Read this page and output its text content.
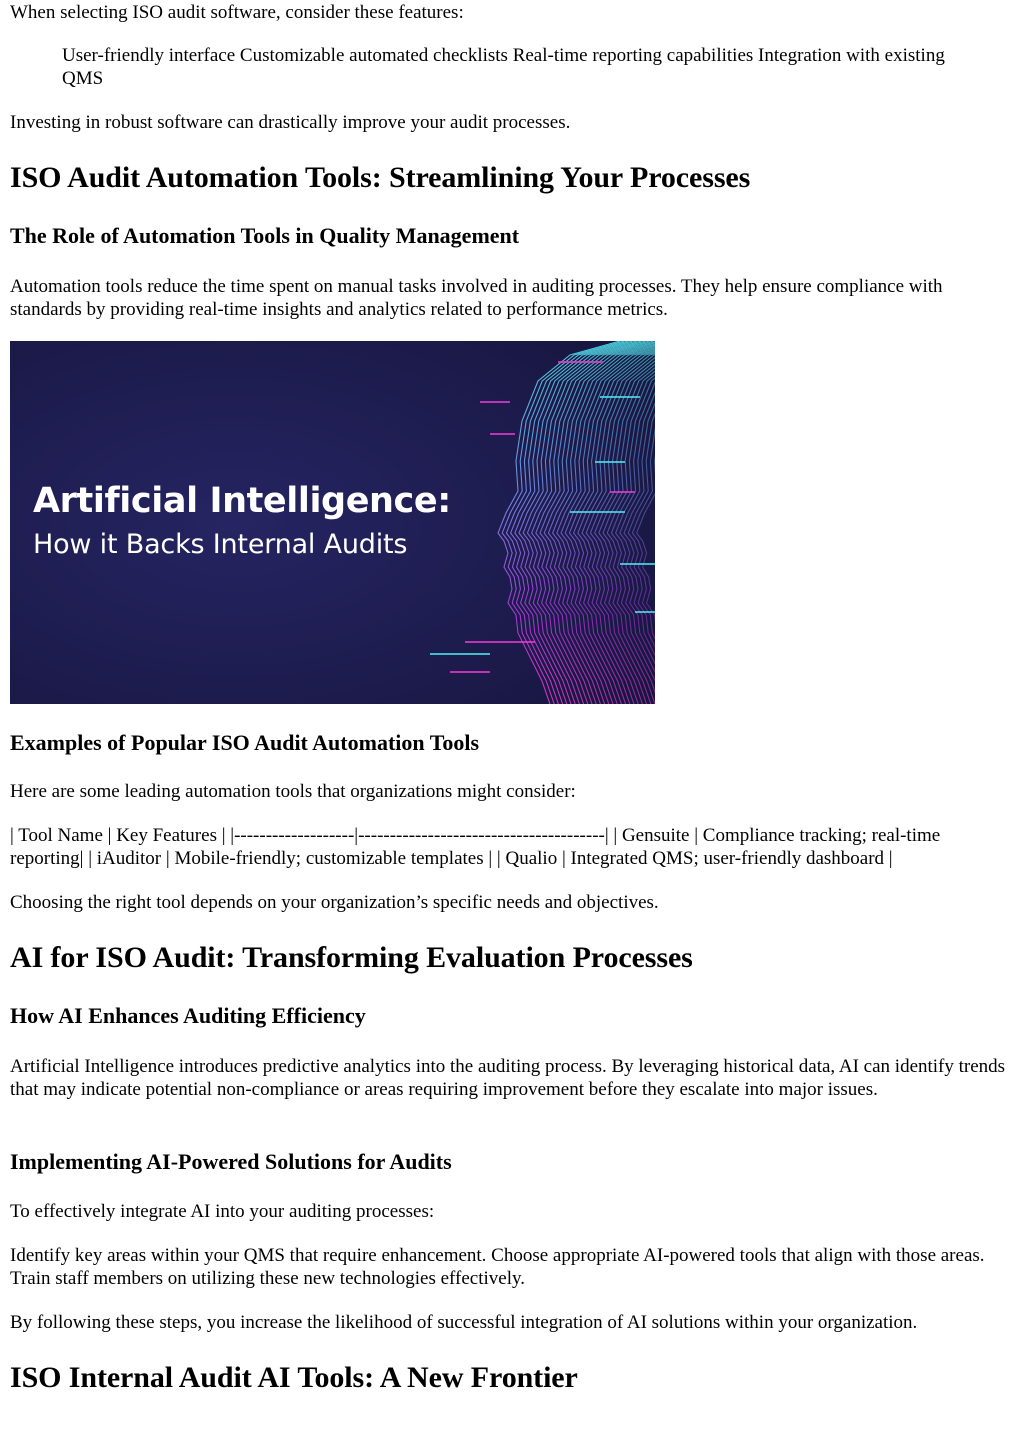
When selecting ISO audit software, consider these features:

User-friendly interface Customizable automated checklists Real-time reporting capabilities Integration with existing QMS

Investing in robust software can drastically improve your audit processes.

ISO Audit Automation Tools: Streamlining Your Processes
The Role of Automation Tools in Quality Management

Automation tools reduce the time spent on manual tasks involved in auditing processes. They help ensure compliance with standards by providing real-time insights and analytics related to performance metrics.

Artificial Intelligence:
How it Backs Internal Audits
Examples of Popular ISO Audit Automation Tools

Here are some leading automation tools that organizations might consider:

| Tool Name | Key Features | |-------------------|---------------------------------------| | Gensuite | Compliance tracking; real-time reporting| | iAuditor | Mobile-friendly; customizable templates | | Qualio | Integrated QMS; user-friendly dashboard |

Choosing the right tool depends on your organization’s specific needs and objectives.

AI for ISO Audit: Transforming Evaluation Processes
How AI Enhances Auditing Efficiency

Artificial Intelligence introduces predictive analytics into the auditing process. By leveraging historical data, AI can identify trends that may indicate potential non-compliance or areas requiring improvement before they escalate into major issues.

Implementing AI-Powered Solutions for Audits

To effectively integrate AI into your auditing processes:

Identify key areas within your QMS that require enhancement. Choose appropriate AI-powered tools that align with those areas. Train staff members on utilizing these new technologies effectively.

By following these steps, you increase the likelihood of successful integration of AI solutions within your organization.

ISO Internal Audit AI Tools: A New Frontier
